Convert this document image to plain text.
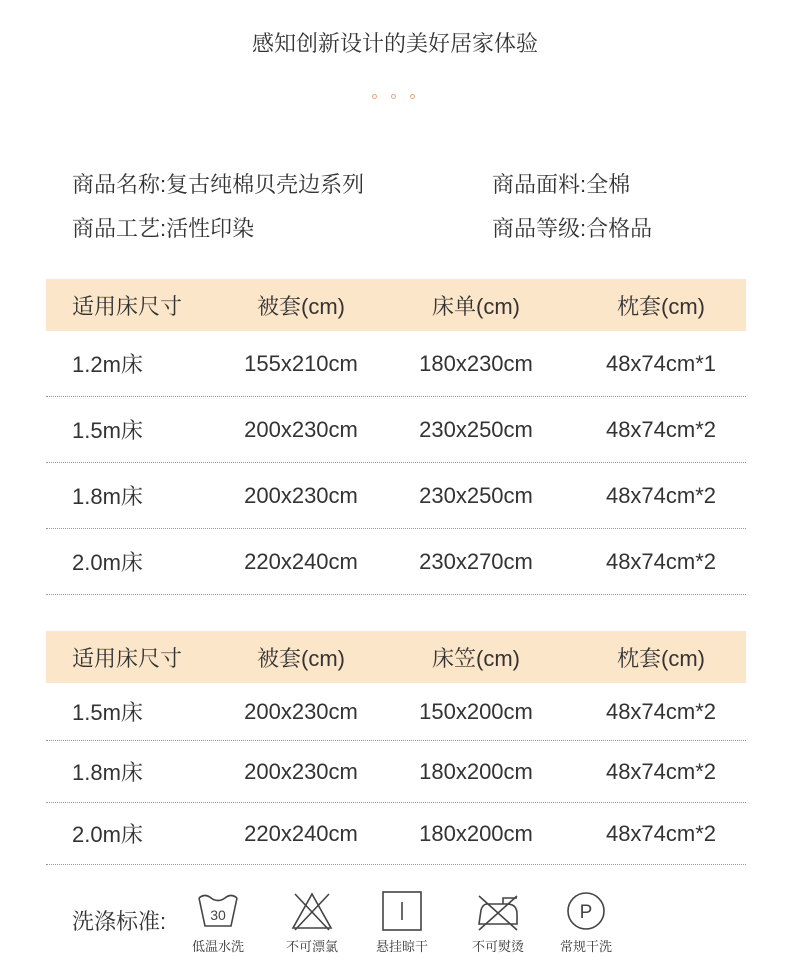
感知创新设计的美好居家体验
商品名称:复古纯棉贝壳边系列	商品面料:全棉
商品工艺:活性印染	商品等级:合格品
适用床尺寸	被套(cm)	床单(cm)	枕套(cm)
1.2m床	155x210cm	180x230cm	48x74cm*1
1.5m床	200x230cm	230x250cm	48x74cm*2
1.8m床	200x230cm	230x250cm	48x74cm*2
2.0m床	220x240cm	230x270cm	48x74cm*2
适用床尺寸	被套(cm)	床笠(cm)	枕套(cm)
1.5m床	200x230cm	150x200cm	48x74cm*2
1.8m床	200x230cm	180x200cm	48x74cm*2
2.0m床	220x240cm	180x200cm	48x74cm*2
洗涤标准:	30
低温水洗	不可漂氯	悬挂晾干	不可熨烫
P
常规干洗
